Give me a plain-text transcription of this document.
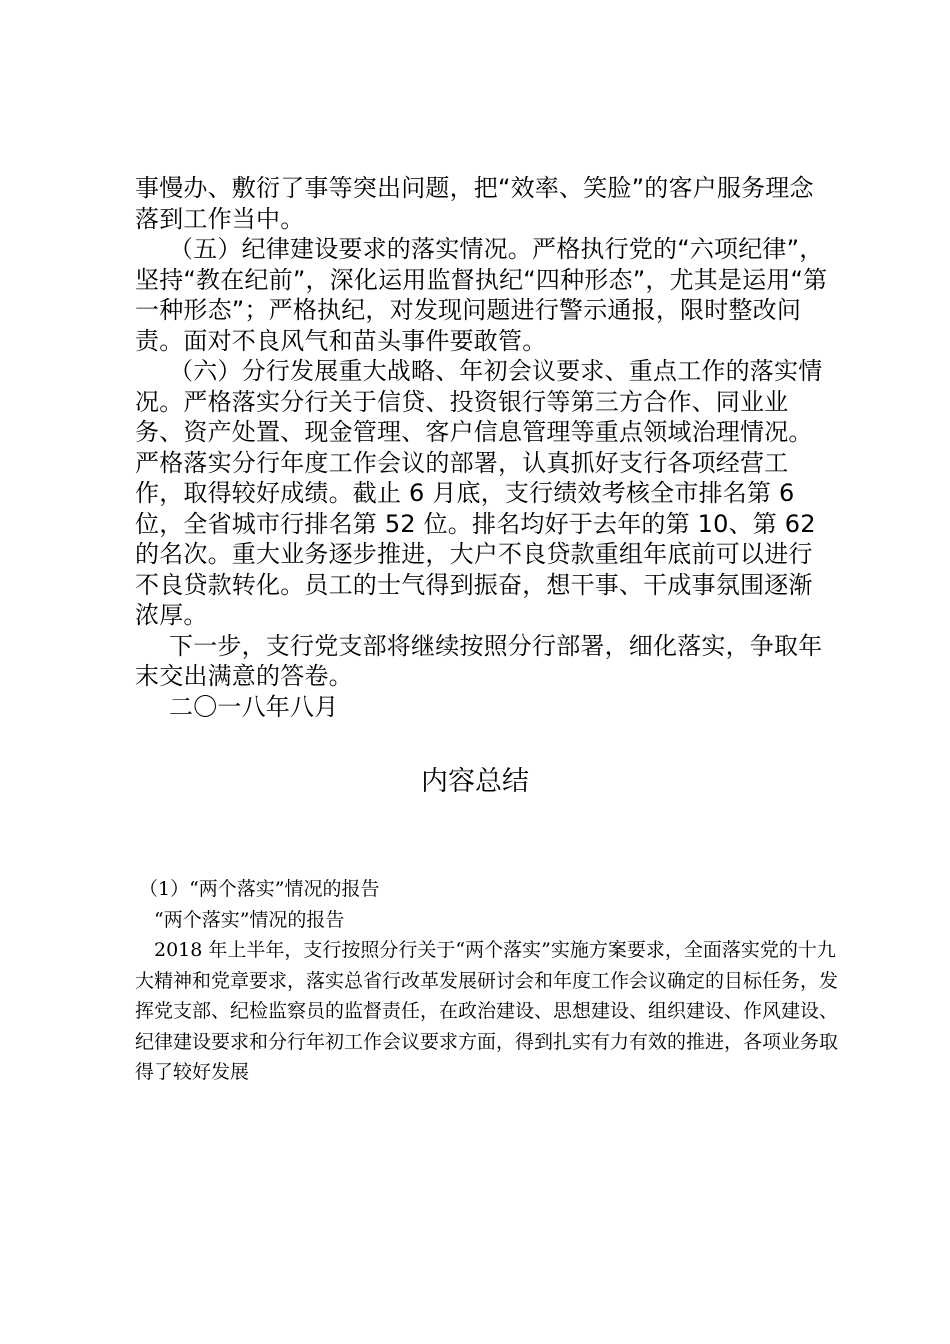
事慢办、敷衍了事等突出问题，把“效率、笑脸”的客户服务理念落到工作当中。

（五）纪律建设要求的落实情况。严格执行党的“六项纪律”，坚持“教在纪前”，深化运用监督执纪“四种形态”，尤其是运用“第一种形态”；严格执纪，对发现问题进行警示通报，限时整改问责。面对不良风气和苗头事件要敢管。

（六）分行发展重大战略、年初会议要求、重点工作的落实情况。严格落实分行关于信贷、投资银行等第三方合作、同业业务、资产处置、现金管理、客户信息管理等重点领域治理情况。严格落实分行年度工作会议的部署，认真抓好支行各项经营工作，取得较好成绩。截止 6 月底，支行绩效考核全市排名第 6 位，全省城市行排名第 52 位。排名均好于去年的第 10、第 62 的名次。重大业务逐步推进，大户不良贷款重组年底前可以进行不良贷款转化。员工的士气得到振奋，想干事、干成事氛围逐渐浓厚。

下一步，支行党支部将继续按照分行部署，细化落实，争取年末交出满意的答卷。

二〇一八年八月

内容总结

（1）“两个落实”情况的报告

“两个落实”情况的报告

2018 年上半年，支行按照分行关于“两个落实”实施方案要求，全面落实党的十九大精神和党章要求，落实总省行改革发展研讨会和年度工作会议确定的目标任务，发挥党支部、纪检监察员的监督责任，在政治建设、思想建设、组织建设、作风建设、纪律建设要求和分行年初工作会议要求方面，得到扎实有力有效的推进，各项业务取得了较好发展
